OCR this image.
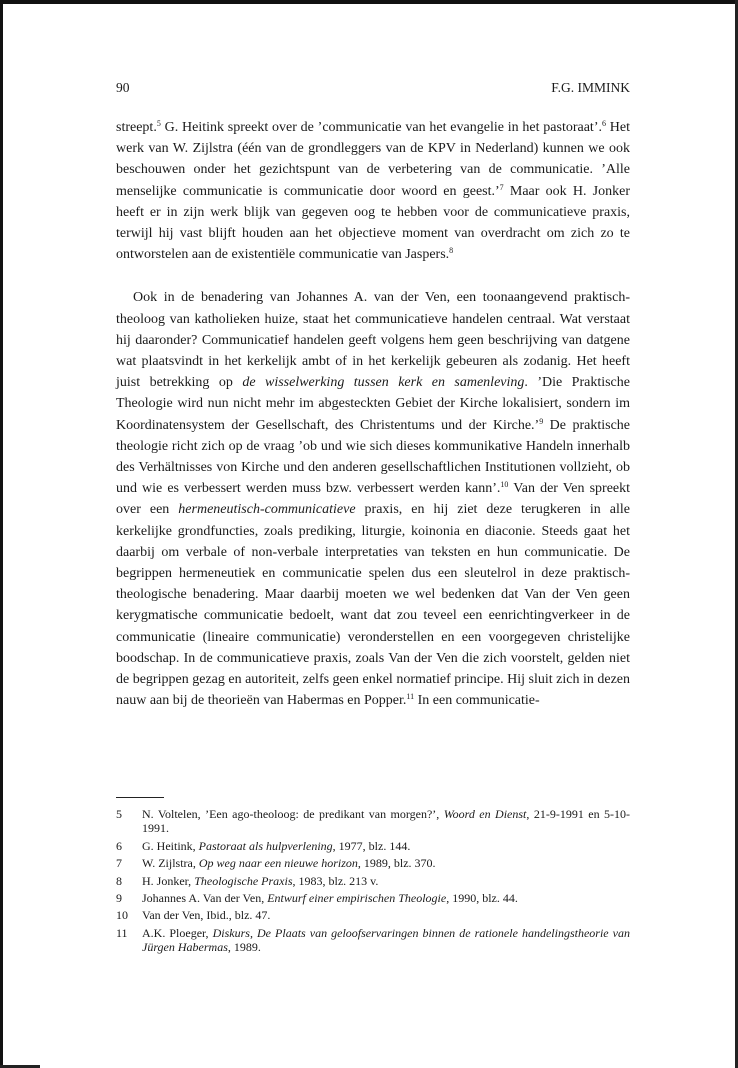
90	F.G. IMMINK

streept.$^5$ G. Heitink spreekt over de ’communicatie van het evangelie in het pastoraat’.$^6$ Het werk van W. Zijlstra (één van de grondleggers van de KPV in Nederland) kunnen we ook beschouwen onder het gezichtspunt van de verbetering van de communicatie. ’Alle menselijke communicatie is communicatie door woord en geest.’$^7$ Maar ook H. Jonker heeft er in zijn werk blijk van gegeven oog te hebben voor de communicatieve praxis, terwijl hij vast blijft houden aan het objectieve moment van overdracht om zich zo te ontworstelen aan de existentiële communicatie van Jaspers.$^8$

Ook in de benadering van Johannes A. van der Ven, een toonaangevend praktisch-theoloog van katholieken huize, staat het communicatieve handelen centraal. Wat verstaat hij daaronder? Communicatief handelen geeft volgens hem geen beschrijving van datgene wat plaatsvindt in het kerkelijk ambt of in het kerkelijk gebeuren als zodanig. Het heeft juist betrekking op de wisselwerking tussen kerk en samenleving. ’Die Praktische Theologie wird nun nicht mehr im abgesteckten Gebiet der Kirche lokalisiert, sondern im Koordinatensystem der Gesellschaft, des Christentums und der Kirche.’$^9$ De praktische theologie richt zich op de vraag ’ob und wie sich dieses kommunikative Handeln innerhalb des Verhältnisses von Kirche und den anderen gesellschaftlichen Institutionen vollzieht, ob und wie es verbessert werden muss bzw. verbessert werden kann’.$^{10}$ Van der Ven spreekt over een hermeneutisch-communicatieve praxis, en hij ziet deze terugkeren in alle kerkelijke grondfuncties, zoals prediking, liturgie, koinonia en diaconie. Steeds gaat het daarbij om verbale of non-verbale interpretaties van teksten en hun communicatie. De begrippen hermeneutiek en communicatie spelen dus een sleutelrol in deze praktisch-theologische benadering. Maar daarbij moeten we wel bedenken dat Van der Ven geen kerygmatische communicatie bedoelt, want dat zou teveel een eenrichtingverkeer in de communicatie (lineaire communicatie) veronderstellen en een voorgegeven christelijke boodschap. In de communicatieve praxis, zoals Van der Ven die zich voorstelt, gelden niet de begrippen gezag en autoriteit, zelfs geen enkel normatief principe. Hij sluit zich in dezen nauw aan bij de theorieën van Habermas en Popper.$^{11}$ In een communicatie-

5 N. Voltelen, ’Een ago-theoloog: de predikant van morgen?’, Woord en Dienst, 21-9-1991 en 5-10-1991.
6 G. Heitink, Pastoraat als hulpverlening, 1977, blz. 144.
7 W. Zijlstra, Op weg naar een nieuwe horizon, 1989, blz. 370.
8 H. Jonker, Theologische Praxis, 1983, blz. 213 v.
9 Johannes A. Van der Ven, Entwurf einer empirischen Theologie, 1990, blz. 44.
10 Van der Ven, Ibid., blz. 47.
11 A.K. Ploeger, Diskurs, De Plaats van geloofservaringen binnen de rationele handelingstheorie van Jürgen Habermas, 1989.
